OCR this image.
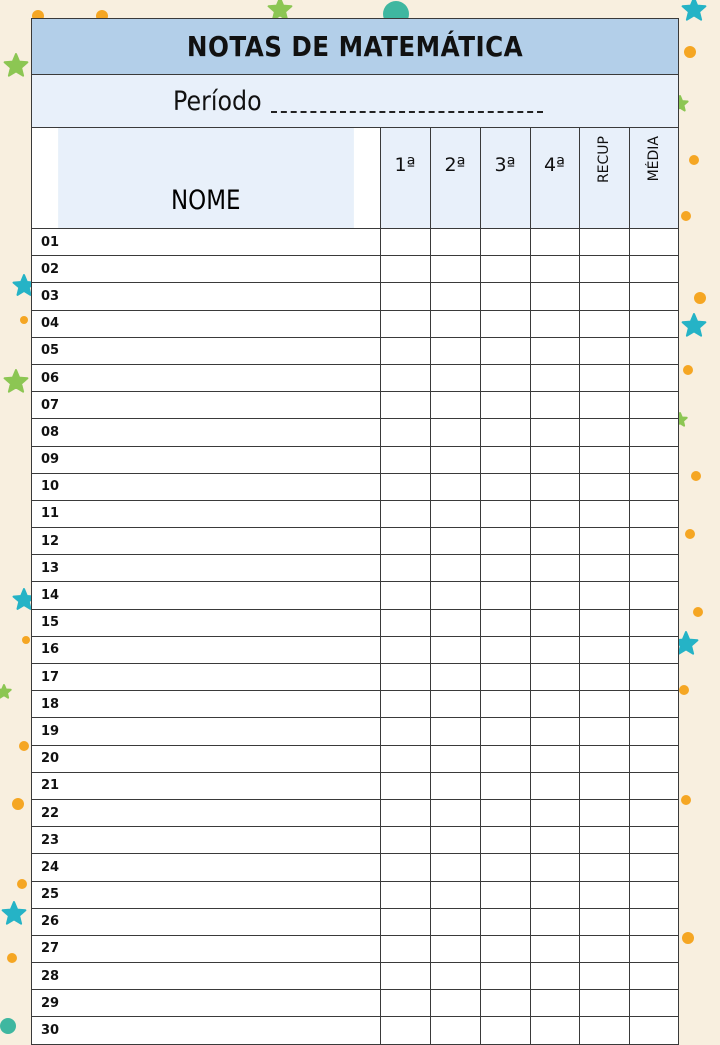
NOTAS DE MATEMÁTICA
Período
NOME	1ª	2ª	3ª	4ª	RECUP	MÉDIA
01						
02						
03						
04						
05						
06						
07						
08						
09						
10						
11						
12						
13						
14						
15						
16						
17						
18						
19						
20						
21						
22						
23						
24						
25						
26						
27						
28						
29						
30						
